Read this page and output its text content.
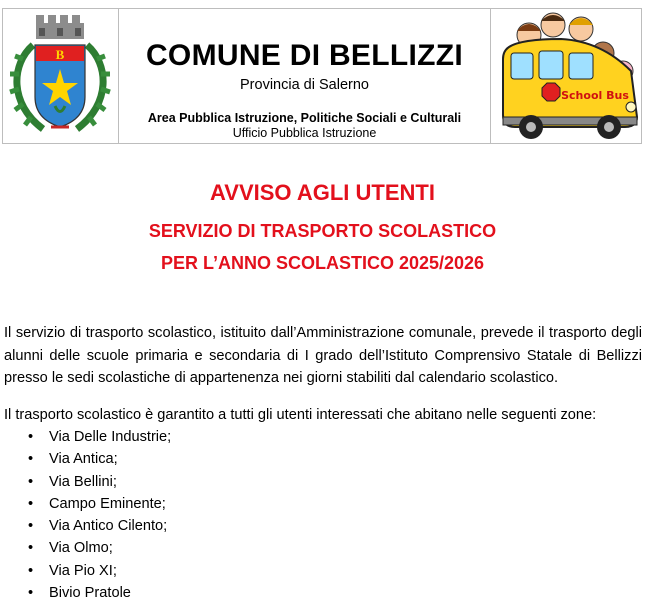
B	COMUNE DI BELLIZZI
Provincia di Salerno
Area Pubblica Istruzione, Politiche Sociali e Culturali
Ufficio Pubblica Istruzione
School Bus
AVVISO AGLI UTENTI
SERVIZIO DI TRASPORTO SCOLASTICO
PER L’ANNO SCOLASTICO 2025/2026

Il servizio di trasporto scolastico, istituito dall’Amministrazione comunale, prevede il trasporto degli alunni delle scuole primaria e secondaria di I grado dell’Istituto Comprensivo Statale di Bellizzi presso le sedi scolastiche di appartenenza nei giorni stabiliti dal calendario scolastico.

Il trasporto scolastico è garantito a tutti gli utenti interessati che abitano nelle seguenti zone:

• Via Delle Industrie;
• Via Antica;
• Via Bellini;
• Campo Eminente;
• Via Antico Cilento;
• Via Olmo;
• Via Pio XI;
• Bivio Pratole
